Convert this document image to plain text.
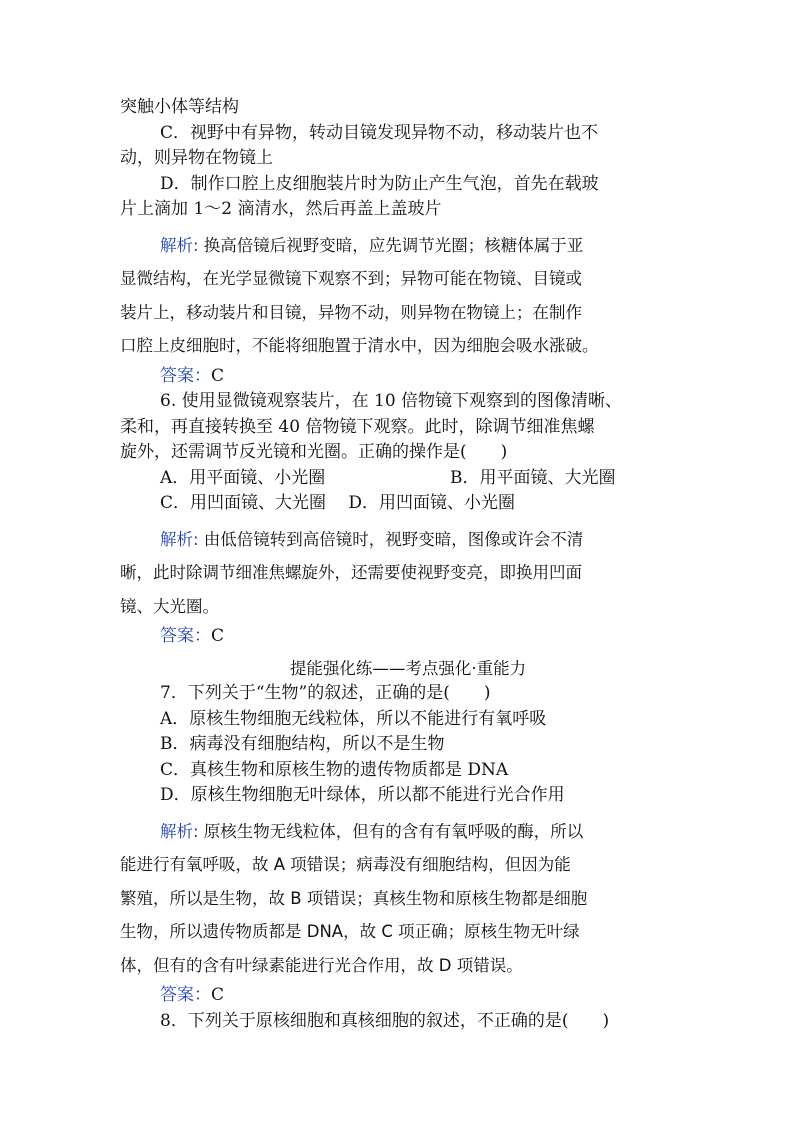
突触小体等结构
C．视野中有异物，转动目镜发现异物不动，移动装片也不
动，则异物在物镜上
D．制作口腔上皮细胞装片时为防止产生气泡，首先在载玻
片上滴加 1～2 滴清水，然后再盖上盖玻片
解析: 换高倍镜后视野变暗，应先调节光圈；核糖体属于亚
显微结构，在光学显微镜下观察不到；异物可能在物镜、目镜或
装片上，移动装片和目镜，异物不动，则异物在物镜上；在制作
口腔上皮细胞时，不能将细胞置于清水中，因为细胞会吸水涨破。
答案：C
6. 使用显微镜观察装片，在 10 倍物镜下观察到的图像清晰、
柔和，再直接转换至 40 倍物镜下观察。此时，除调节细准焦螺
旋外，还需调节反光镜和光圈。正确的操作是(　　)
A．用平面镜、小光圈	B．用平面镜、大光圈
C．用凹面镜、大光圈　 D．用凹面镜、小光圈
解析: 由低倍镜转到高倍镜时，视野变暗，图像或许会不清
晰，此时除调节细准焦螺旋外，还需要使视野变亮，即换用凹面
镜、大光圈。
答案：C
提能强化练——考点强化·重能力
7．下列关于“生物”的叙述，正确的是(　　)
A．原核生物细胞无线粒体，所以不能进行有氧呼吸
B．病毒没有细胞结构，所以不是生物
C．真核生物和原核生物的遗传物质都是 DNA
D．原核生物细胞无叶绿体，所以都不能进行光合作用
解析: 原核生物无线粒体，但有的含有有氧呼吸的酶，所以
能进行有氧呼吸，故 A 项错误；病毒没有细胞结构，但因为能
繁殖，所以是生物，故 B 项错误；真核生物和原核生物都是细胞
生物，所以遗传物质都是 DNA，故 C 项正确；原核生物无叶绿
体，但有的含有叶绿素能进行光合作用，故 D 项错误。
答案：C
8．下列关于原核细胞和真核细胞的叙述，不正确的是(　　)
